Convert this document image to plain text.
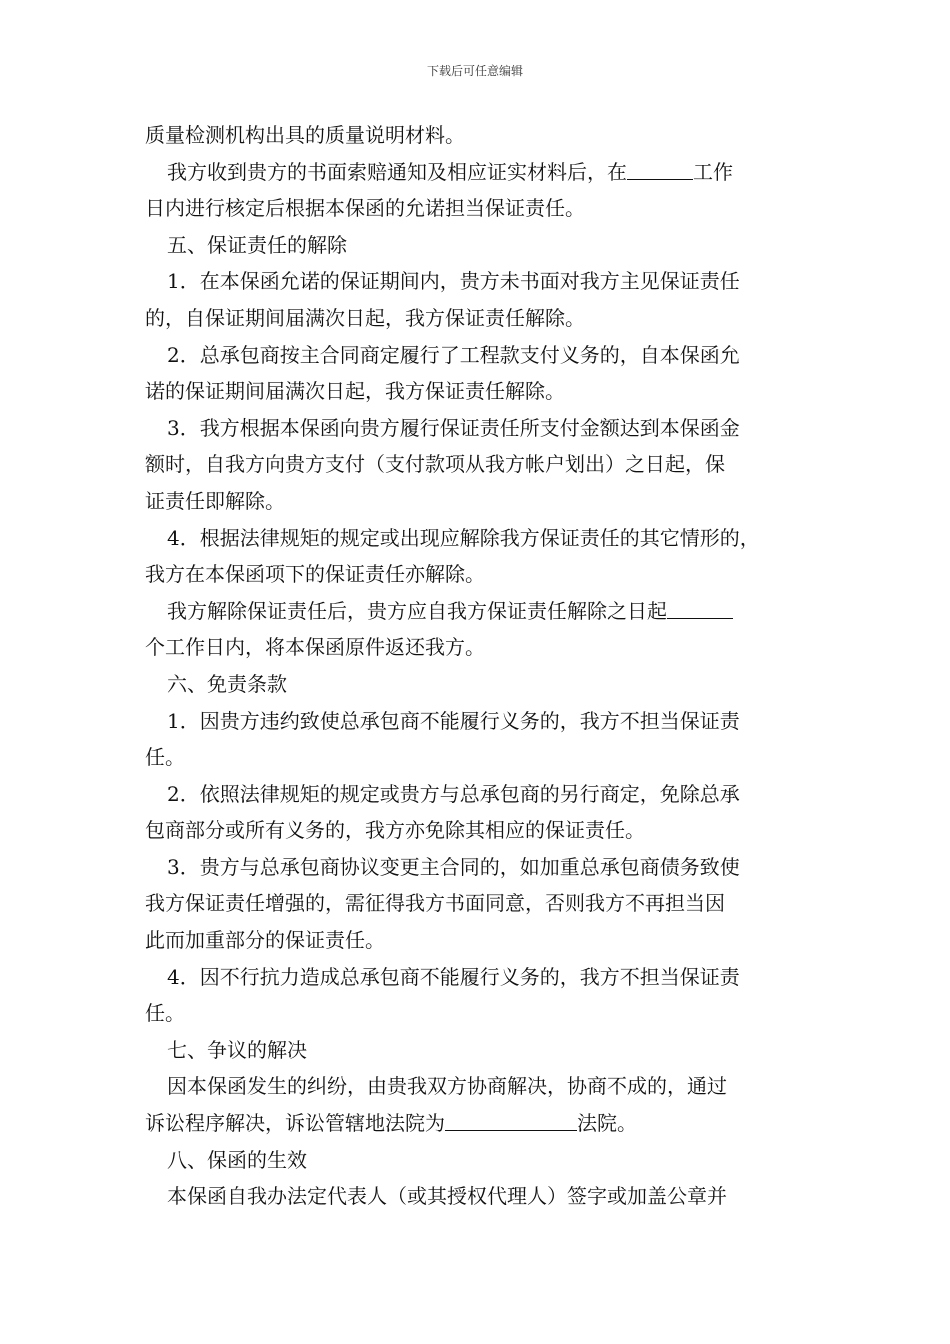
下载后可任意编辑
质量检测机构出具的质量说明材料。
我方收到贵方的书面索赔通知及相应证实材料后，在	工作
日内进行核定后根据本保函的允诺担当保证责任。
五、保证责任的解除
1．在本保函允诺的保证期间内，贵方未书面对我方主见保证责任
的，自保证期间届满次日起，我方保证责任解除。
2．总承包商按主合同商定履行了工程款支付义务的，自本保函允
诺的保证期间届满次日起，我方保证责任解除。
3．我方根据本保函向贵方履行保证责任所支付金额达到本保函金
额时，自我方向贵方支付（支付款项从我方帐户划出）之日起，保
证责任即解除。
4．根据法律规矩的规定或出现应解除我方保证责任的其它情形的，
我方在本保函项下的保证责任亦解除。
我方解除保证责任后，贵方应自我方保证责任解除之日起
个工作日内，将本保函原件返还我方。
六、免责条款
1．因贵方违约致使总承包商不能履行义务的，我方不担当保证责
任。
2．依照法律规矩的规定或贵方与总承包商的另行商定，免除总承
包商部分或所有义务的，我方亦免除其相应的保证责任。
3．贵方与总承包商协议变更主合同的，如加重总承包商债务致使
我方保证责任增强的，需征得我方书面同意，否则我方不再担当因
此而加重部分的保证责任。
4．因不行抗力造成总承包商不能履行义务的，我方不担当保证责
任。
七、争议的解决
因本保函发生的纠纷，由贵我双方协商解决，协商不成的，通过
诉讼程序解决，诉讼管辖地法院为	法院。
八、保函的生效
本保函自我办法定代表人（或其授权代理人）签字或加盖公章并
